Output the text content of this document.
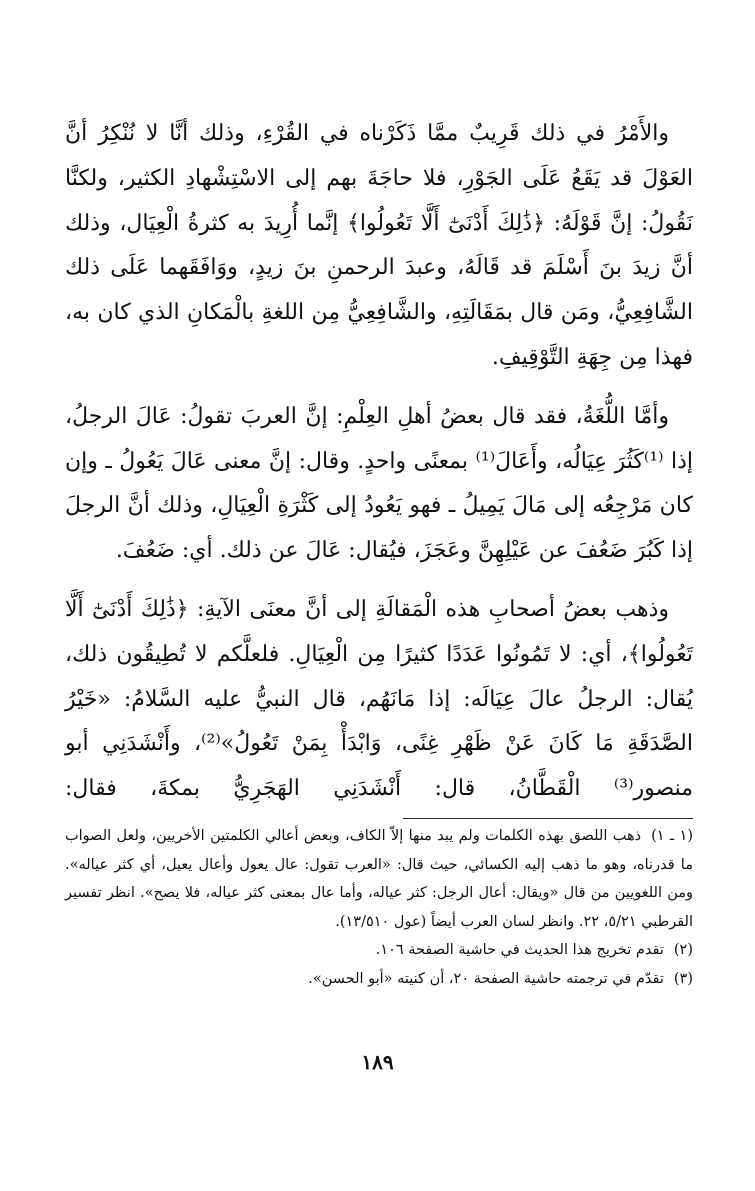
والأَمْرُ في ذلك قَرِيبٌ ممَّا ذَكَرْناه في القُرْءِ، وذلك أنَّا لا نُنْكِرُ أنَّ العَوْلَ قد يَقَعُ عَلَى الجَوْرِ، فلا حاجَةَ بهم إلى الاسْتِشْهادِ الكثير، ولكنَّا نَقُولُ: إنَّ قَوْلَهُ: ﴿ذَٰلِكَ أَدْنَىٰٓ أَلَّا تَعُولُوا﴾ إنَّما أُرِيدَ به كثرةُ الْعِيَال، وذلك أنَّ زيدَ بنَ أَسْلَمَ قد قَالَهُ، وعبدَ الرحمنِ بنَ زيدٍ، ووَافَقَهما عَلَى ذلك الشَّافِعِيُّ، ومَن قال بمَقَالَتِهِ، والشَّافِعِيُّ مِن اللغةِ بالْمَكانِ الذي كان به، فهذا مِن جِهَةِ التَّوْقِيفِ.

وأمَّا اللُّغَةُ، فقد قال بعضُ أهلِ العِلْمِ: إنَّ العربَ تقولُ: عَالَ الرجلُ، إذا ⁽¹⁾كَثُرَ عِيَالُه، وأَعَالَ⁽¹⁾ بمعنًى واحدٍ. وقال: إنَّ معنى عَالَ يَعُولُ ـ وإن كان مَرْجِعُه إلى مَالَ يَمِيلُ ـ فهو يَعُودُ إلى كَثْرَةِ الْعِيَالِ، وذلك أنَّ الرجلَ إذا كَبُرَ ضَعُفَ عن عَيْلِهِنَّ وعَجَزَ، فيُقال: عَالَ عن ذلك. أي: ضَعُفَ.

وذهب بعضُ أصحابِ هذه الْمَقالَةِ إلى أنَّ معنَى الآيةِ: ﴿ذَٰلِكَ أَدْنَىٰٓ أَلَّا تَعُولُوا﴾، أي: لا تَمُونُوا عَدَدًا كثيرًا مِن الْعِيَالِ. فلعلَّكم لا تُطِيقُون ذلك، يُقال: الرجلُ عالَ عِيَالَه: إذا مَانَهُم، قال النبيُّ عليه السَّلامُ: «خَيْرُ الصَّدَقَةِ مَا كَانَ عَنْ ظَهْرِ غِنًى، وَابْدَأْ بِمَنْ تَعُولُ»⁽²⁾، وأَنْشَدَنِي أبو منصور⁽³⁾ الْقَطَّانُ، قال: أَنْشَدَنِي الهَجَرِيُّ بمكةَ، فقال:

(١ ـ ١)ذهب اللصق بهذه الكلمات ولم يبد منها إلاّ الكاف، وبعض أعالي الكلمتين الأخريين، ولعل الصواب ما قدرناه، وهو ما ذهب إليه الكسائي، حيث قال: «العرب تقول: عال يعول وأعال يعيل، أي كثر عياله». ومن اللغويين من قال «ويقال: أعال الرجل: كثر عياله، وأما عال بمعنى كثر عياله، فلا يصح». انظر تفسير القرطبي ٥/٢١، ٢٢. وانظر لسان العرب أيضاً (عول ١٣/٥١٠).

(٢)تقدم تخريج هذا الحديث في حاشية الصفحة ١٠٦.

(٣)تقدّم في ترجمته حاشية الصفحة ٢٠، أن كنيته «أبو الحسن».

١٨٩
